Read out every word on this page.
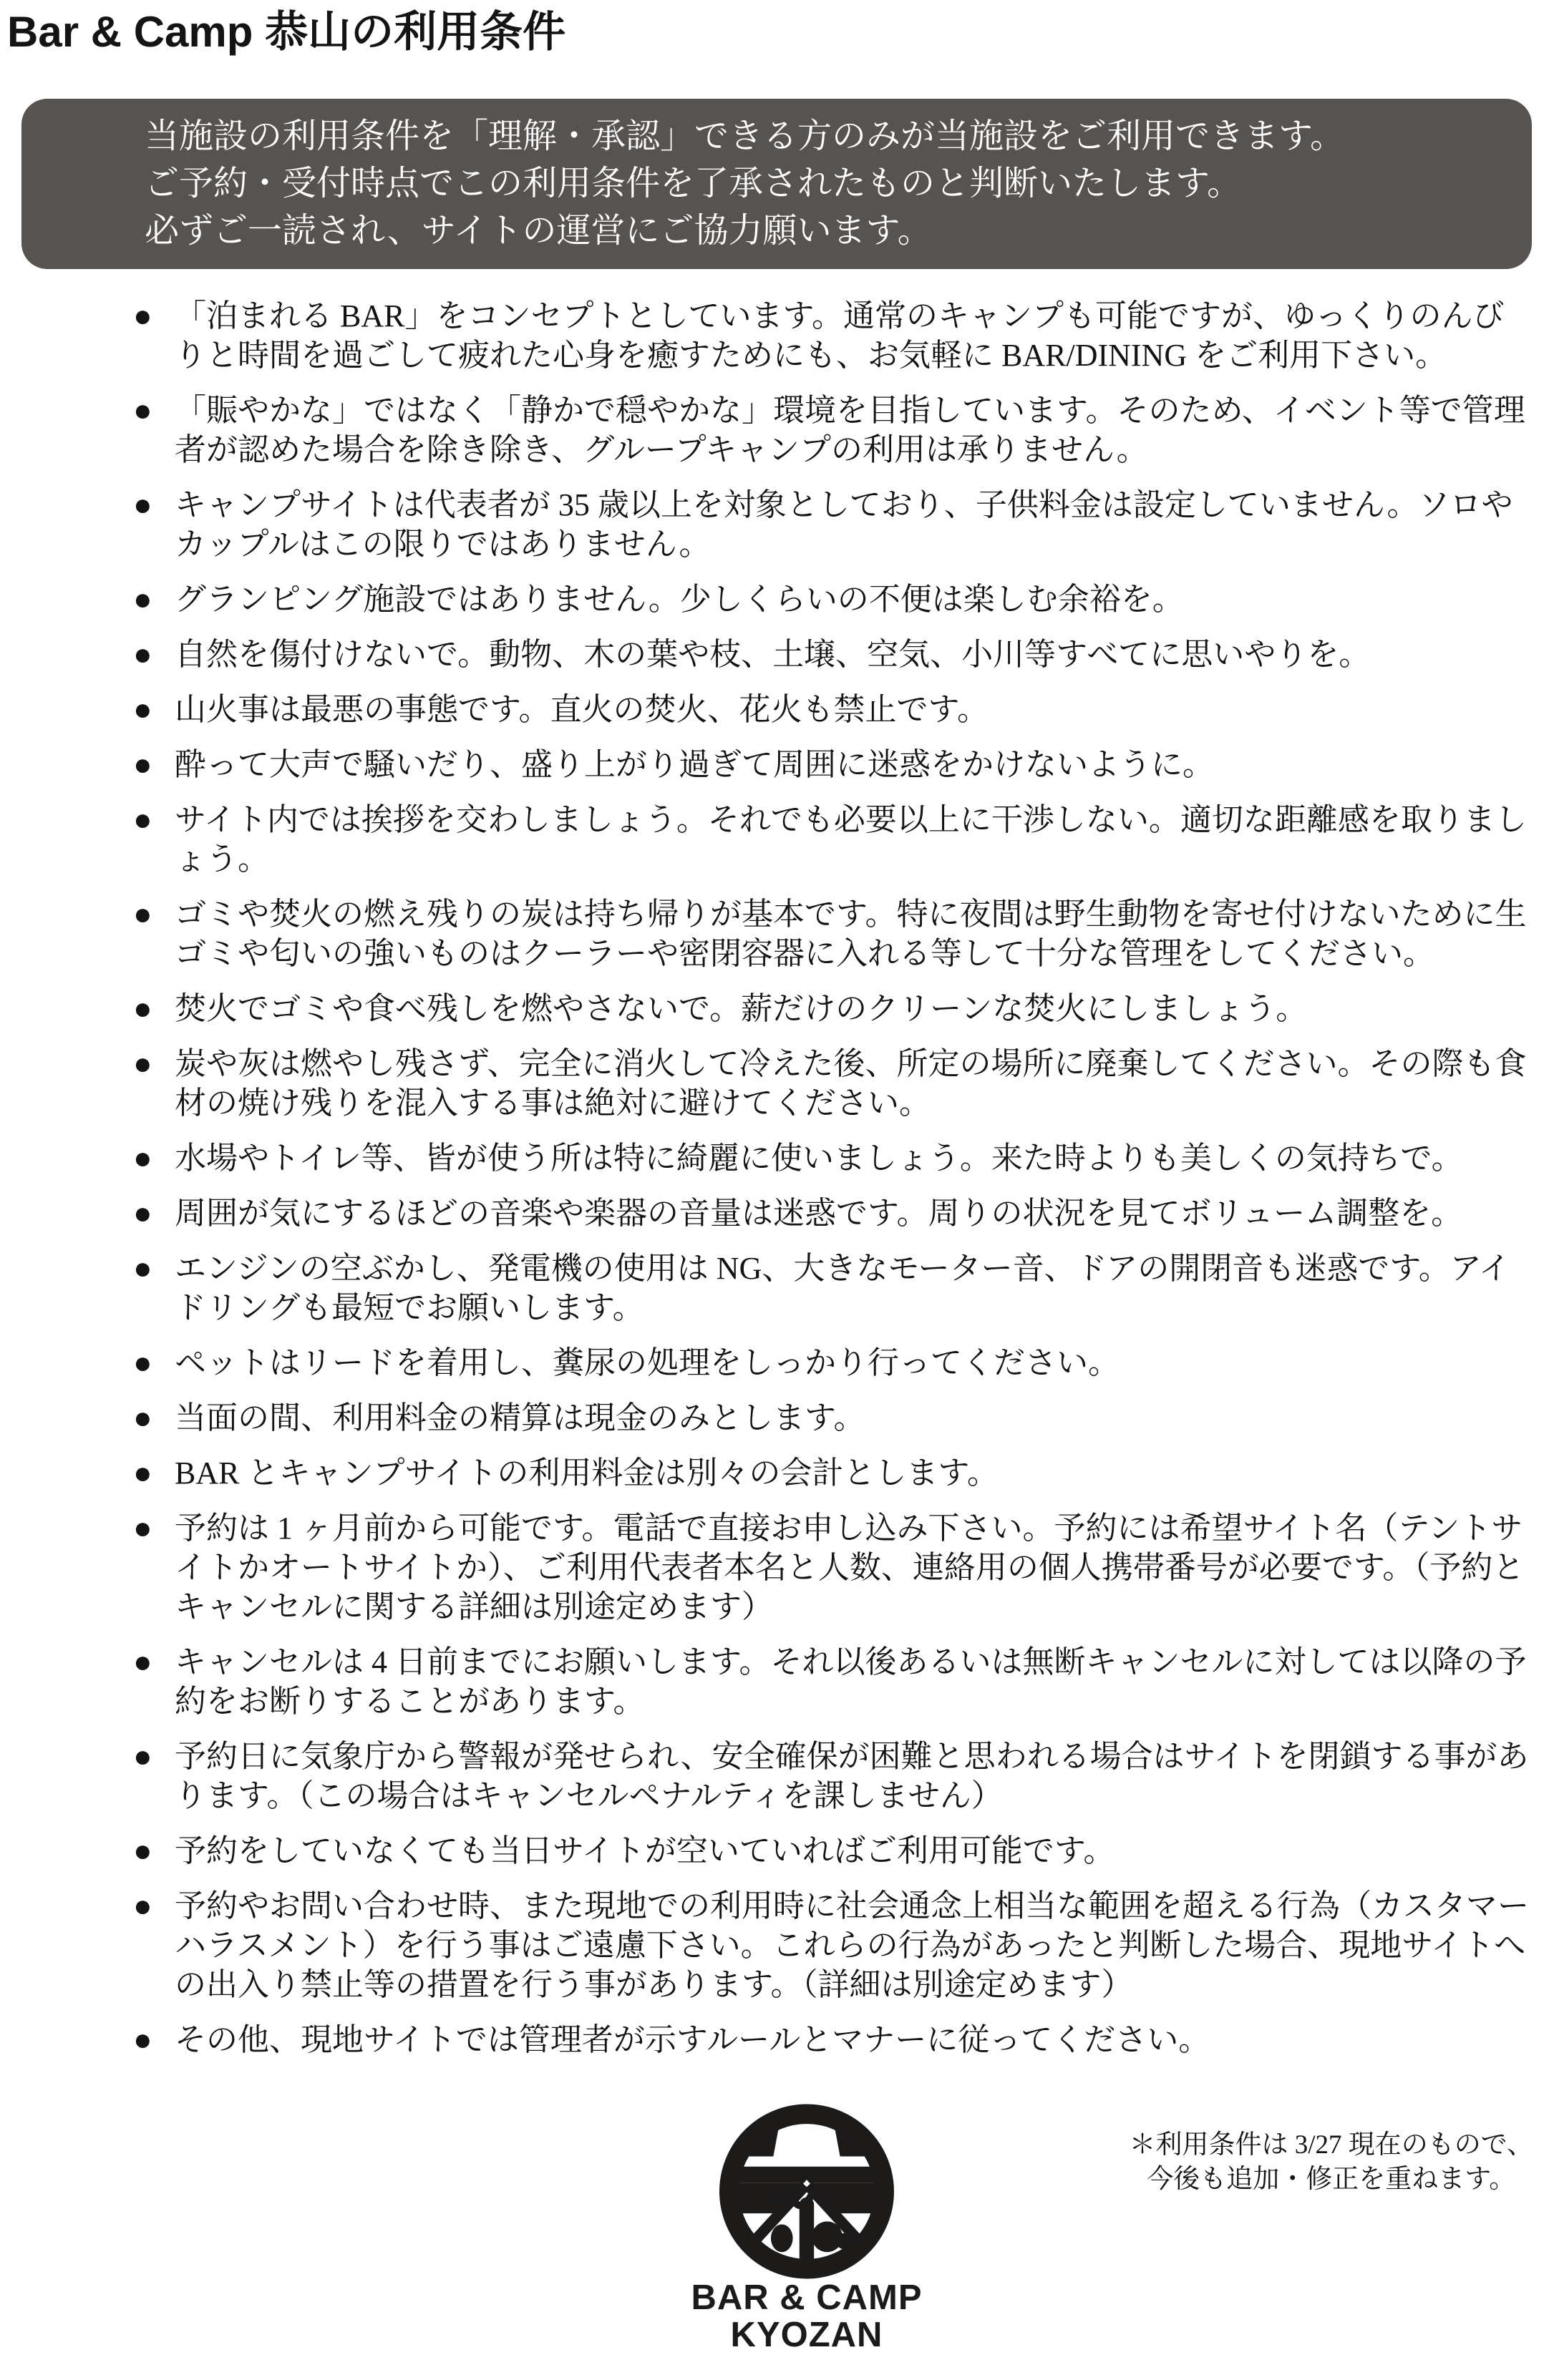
Bar & Camp 恭山の利用条件
当施設の利用条件を「理解・承認」できる方のみが当施設をご利用できます。
ご予約・受付時点でこの利用条件を了承されたものと判断いたします。
必ずご一読され、サイトの運営にご協力願います。
● 「泊まれる BAR」をコンセプトとしています。通常のキャンプも可能ですが、ゆっくりのんびりと時間を過ごして疲れた心身を癒すためにも、お気軽に BAR/DINING をご利用下さい。
● 「賑やかな」ではなく「静かで穏やかな」環境を目指しています。そのため、イベント等で管理者が認めた場合を除き除き、グループキャンプの利用は承りません。
● キャンプサイトは代表者が 35 歳以上を対象としており、子供料金は設定していません。ソロやカップルはこの限りではありません。
● グランピング施設ではありません。少しくらいの不便は楽しむ余裕を。
● 自然を傷付けないで。動物、木の葉や枝、土壌、空気、小川等すべてに思いやりを。
● 山火事は最悪の事態です。直火の焚火、花火も禁止です。
● 酔って大声で騒いだり、盛り上がり過ぎて周囲に迷惑をかけないように。
● サイト内では挨拶を交わしましょう。それでも必要以上に干渉しない。適切な距離感を取りましょう。
● ゴミや焚火の燃え残りの炭は持ち帰りが基本です。特に夜間は野生動物を寄せ付けないために生ゴミや匂いの強いものはクーラーや密閉容器に入れる等して十分な管理をしてください。
● 焚火でゴミや食べ残しを燃やさないで。薪だけのクリーンな焚火にしましょう。
● 炭や灰は燃やし残さず、完全に消火して冷えた後、所定の場所に廃棄してください。その際も食材の焼け残りを混入する事は絶対に避けてください。
● 水場やトイレ等、皆が使う所は特に綺麗に使いましょう。来た時よりも美しくの気持ちで。
● 周囲が気にするほどの音楽や楽器の音量は迷惑です。周りの状況を見てボリューム調整を。
● エンジンの空ぶかし、発電機の使用は NG、大きなモーター音、ドアの開閉音も迷惑です。アイドリングも最短でお願いします。
● ペットはリードを着用し、糞尿の処理をしっかり行ってください。
● 当面の間、利用料金の精算は現金のみとします。
● BAR とキャンプサイトの利用料金は別々の会計とします。
● 予約は 1 ヶ月前から可能です。電話で直接お申し込み下さい。予約には希望サイト名（テントサイトかオートサイトか）、ご利用代表者本名と人数、連絡用の個人携帯番号が必要です。（予約とキャンセルに関する詳細は別途定めます）
● キャンセルは 4 日前までにお願いします。それ以後あるいは無断キャンセルに対しては以降の予約をお断りすることがあります。
● 予約日に気象庁から警報が発せられ、安全確保が困難と思われる場合はサイトを閉鎖する事があります。（この場合はキャンセルペナルティを課しません）
● 予約をしていなくても当日サイトが空いていればご利用可能です。
● 予約やお問い合わせ時、また現地での利用時に社会通念上相当な範囲を超える行為（カスタマーハラスメント）を行う事はご遠慮下さい。これらの行為があったと判断した場合、現地サイトへの出入り禁止等の措置を行う事があります。（詳細は別途定めます）
● その他、現地サイトでは管理者が示すルールとマナーに従ってください。
BAR & CAMP
KYOZAN
＊利用条件は 3/27 現在のもので、
今後も追加・修正を重ねます。
